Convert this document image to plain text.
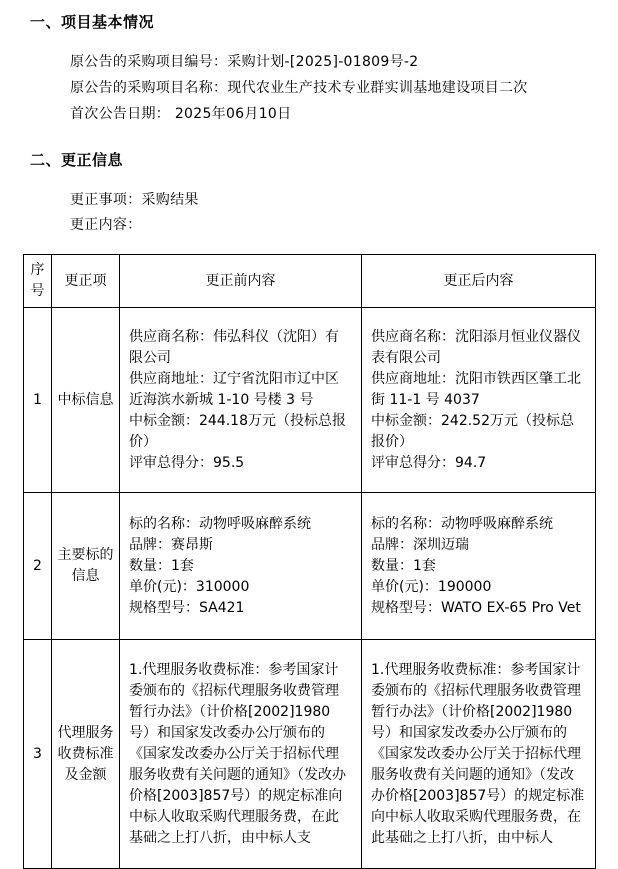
一、项目基本情况
原公告的采购项目编号：采购计划-[2025]-01809号-2
原公告的采购项目名称：现代农业生产技术专业群实训基地建设项目二次
首次公告日期： 2025年06月10日
二、更正信息
更正事项：采购结果
更正内容：
序号	更正项	更正前内容	更正后内容
1	中标信息	供应商名称：伟弘科仪（沈阳）有限公司
供应商地址：辽宁省沈阳市辽中区近海滨水新城 1-10 号楼 3 号
中标金额：244.18万元（投标总报价）
评审总得分：95.5	供应商名称：沈阳添月恒业仪器仪表有限公司
供应商地址：沈阳市铁西区肇工北街 11-1 号 4037
中标金额：242.52万元（投标总报价）
评审总得分：94.7

2	主要标的信息	标的名称：动物呼吸麻醉系统
品牌：赛昂斯
数量：1套
单价(元)：310000
规格型号：SA421	标的名称：动物呼吸麻醉系统
品牌：深圳迈瑞
数量：1套
单价(元)：190000
规格型号：WATO EX-65 Pro Vet

3	代理服务收费标准及金额	1.代理服务收费标准：参考国家计委颁布的《招标代理服务收费管理暂行办法》（计价格[2002]1980号）和国家发改委办公厅颁布的《国家发改委办公厅关于招标代理服务收费有关问题的通知》（发改办价格[2003]857号）的规定标准向中标人收取采购代理服务费，在此基础之上打八折，由中标人支	1.代理服务收费标准：参考国家计委颁布的《招标代理服务收费管理暂行办法》（计价格[2002]1980号）和国家发改委办公厅颁布的《国家发改委办公厅关于招标代理服务收费有关问题的通知》（发改办价格[2003]857号）的规定标准向中标人收取采购代理服务费，在此基础之上打八折，由中标人
